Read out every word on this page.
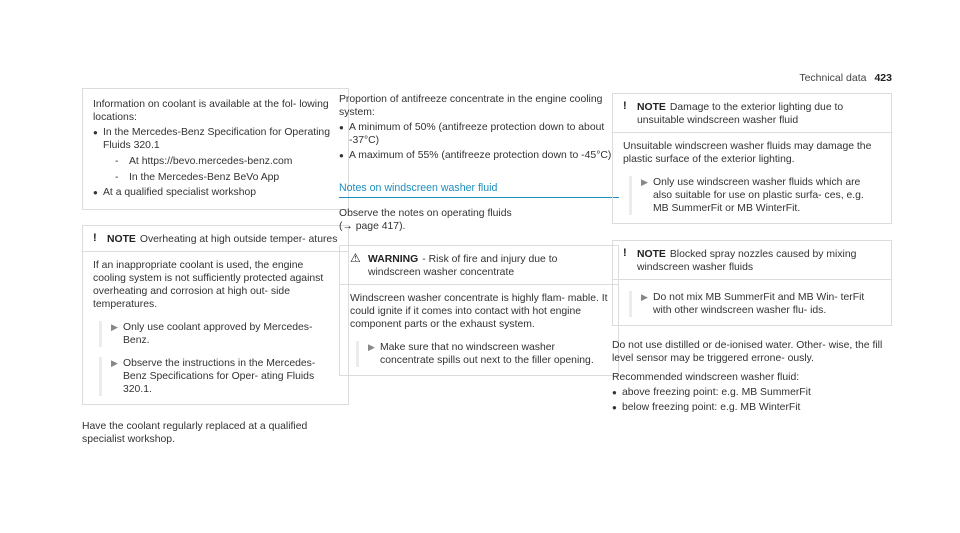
Technical data 423

Information on coolant is available at the fol- lowing locations:

● In the Mercedes-Benz Specification for Operating Fluids 320.1
-	At https://bevo.mercedes-benz.com
-	In the Mercedes-Benz BeVo App
● At a qualified specialist workshop
! NOTE Overheating at high outside temper- atures

If an inappropriate coolant is used, the engine cooling system is not sufficiently protected against overheating and corrosion at high out- side temperatures.

▶ Only use coolant approved by Mercedes- Benz.
▶ Observe the instructions in the Mercedes-Benz Specifications for Oper- ating Fluids 320.1.

Have the coolant regularly replaced at a qualified specialist workshop.

Proportion of antifreeze concentrate in the engine cooling system:

● A minimum of 50% (antifreeze protection down to about -37°C)
● A maximum of 55% (antifreeze protection down to -45°C)
Notes on windscreen washer fluid

Observe the notes on operating fluids

(→ page 417).

⚠ WARNING - Risk of fire and injury due to windscreen washer concentrate

Windscreen washer concentrate is highly flam- mable. It could ignite if it comes into contact with hot engine component parts or the exhaust system.

▶ Make sure that no windscreen washer concentrate spills out next to the filler opening.
! NOTE Damage to the exterior lighting due to unsuitable windscreen washer fluid

Unsuitable windscreen washer fluids may damage the plastic surface of the exterior lighting.

▶ Only use windscreen washer fluids which are also suitable for use on plastic surfa- ces, e.g. MB SummerFit or MB WinterFit.
! NOTE Blocked spray nozzles caused by mixing windscreen washer fluids
▶ Do not mix MB SummerFit and MB Win- terFit with other windscreen washer flu- ids.

Do not use distilled or de-ionised water. Other- wise, the fill level sensor may be triggered errone- ously.

Recommended windscreen washer fluid:

● above freezing point: e.g. MB SummerFit
● below freezing point: e.g. MB WinterFit
